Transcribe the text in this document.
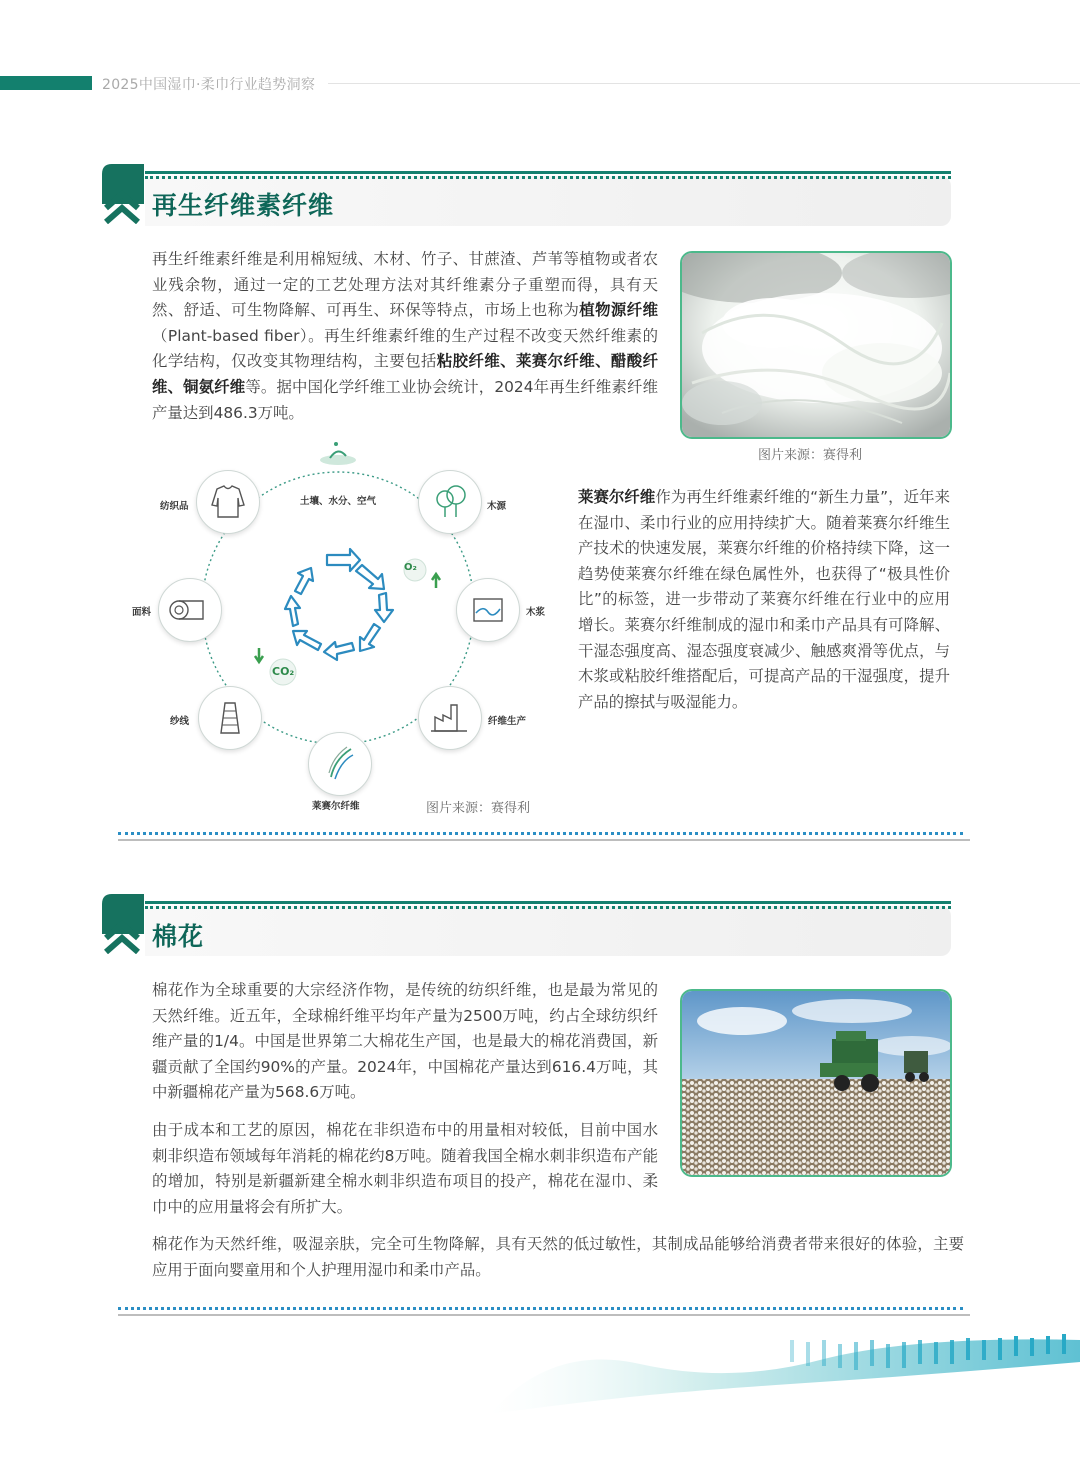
2025中国湿巾·柔巾行业趋势洞察
再生纤维素纤维
再生纤维素纤维是利用棉短绒、木材、竹子、甘蔗渣、芦苇等植物或者农业残余物，通过一定的工艺处理方法对其纤维素分子重塑而得，具有天然、舒适、可生物降解、可再生、环保等特点，市场上也称为植物源纤维（Plant-based fiber）。再生纤维素纤维的生产过程不改变天然纤维素的化学结构，仅改变其物理结构，主要包括粘胶纤维、莱赛尔纤维、醋酸纤维、铜氨纤维等。据中国化学纤维工业协会统计，2024年再生纤维素纤维产量达到486.3万吨。
图片来源：赛得利
O₂
CO₂
土壤、水分、空气
纺织品	木源
面料	木浆
纱线	纤维生产
莱赛尔纤维	图片来源：赛得利
莱赛尔纤维作为再生纤维素纤维的“新生力量”，近年来在湿巾、柔巾行业的应用持续扩大。随着莱赛尔纤维生产技术的快速发展，莱赛尔纤维的价格持续下降，这一趋势使莱赛尔纤维在绿色属性外，也获得了“极具性价比”的标签，进一步带动了莱赛尔纤维在行业中的应用增长。莱赛尔纤维制成的湿巾和柔巾产品具有可降解、干湿态强度高、湿态强度衰减少、触感爽滑等优点，与木浆或粘胶纤维搭配后，可提高产品的干湿强度，提升产品的擦拭与吸湿能力。
棉花
棉花作为全球重要的大宗经济作物，是传统的纺织纤维，也是最为常见的天然纤维。近五年，全球棉纤维平均年产量为2500万吨，约占全球纺织纤维产量的1/4。中国是世界第二大棉花生产国，也是最大的棉花消费国，新疆贡献了全国约90%的产量。2024年，中国棉花产量达到616.4万吨，其中新疆棉花产量为568.6万吨。
由于成本和工艺的原因，棉花在非织造布中的用量相对较低，目前中国水刺非织造布领域每年消耗的棉花约8万吨。随着我国全棉水刺非织造布产能的增加，特别是新疆新建全棉水刺非织造布项目的投产，棉花在湿巾、柔巾中的应用量将会有所扩大。
棉花作为天然纤维，吸湿亲肤，完全可生物降解，具有天然的低过敏性，其制成品能够给消费者带来很好的体验，主要应用于面向婴童用和个人护理用湿巾和柔巾产品。
